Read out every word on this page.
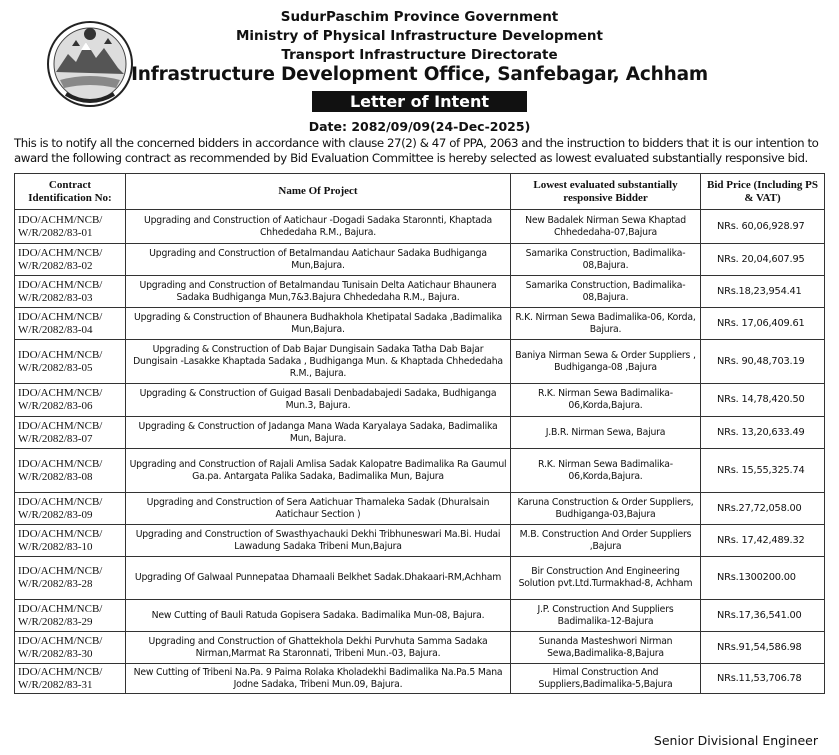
SudurPaschim Province Government
Ministry of Physical Infrastructure Development
Transport Infrastructure Directorate
Infrastructure Development Office, Sanfebagar, Achham
Letter of Intent
Date: 2082/09/09(24-Dec-2025)
This is to notify all the concerned bidders in accordance with clause 27(2) & 47 of PPA, 2063 and the instruction to bidders that it is our intention to award the following contract as recommended by Bid Evaluation Committee is hereby selected as lowest evaluated substantially responsive bid.
Contract Identification No:	Name Of Project	Lowest evaluated substantially responsive Bidder	Bid Price (Including PS & VAT)
IDO/ACHM/NCB/ W/R/2082/83-01	Upgrading and Construction of Aatichaur -Dogadi Sadaka Staronnti, Khaptada Chhededaha R.M., Bajura.	New Badalek Nirman Sewa Khaptad Chhededaha-07,Bajura	NRs. 60,06,928.97
IDO/ACHM/NCB/ W/R/2082/83-02	Upgrading and Construction of Betalmandau Aatichaur Sadaka Budhiganga Mun,Bajura.	Samarika Construction, Badimalika-08,Bajura.	NRs. 20,04,607.95
IDO/ACHM/NCB/ W/R/2082/83-03	Upgrading and Construction of Betalmandau Tunisain Delta Aatichaur Bhaunera Sadaka Budhiganga Mun,7&3.Bajura Chhededaha R.M., Bajura.	Samarika Construction, Badimalika-08,Bajura.	NRs.18,23,954.41
IDO/ACHM/NCB/ W/R/2082/83-04	Upgrading & Construction of Bhaunera Budhakhola Khetipatal Sadaka ,Badimalika Mun,Bajura.	R.K. Nirman Sewa Badimalika-06, Korda, Bajura.	NRs. 17,06,409.61
IDO/ACHM/NCB/ W/R/2082/83-05	Upgrading & Construction of Dab Bajar Dungisain Sadaka Tatha Dab Bajar Dungisain -Lasakke Khaptada Sadaka , Budhiganga Mun. & Khaptada Chhededaha R.M., Bajura.	Baniya Nirman Sewa & Order Suppliers , Budhiganga-08 ,Bajura	NRs. 90,48,703.19
IDO/ACHM/NCB/ W/R/2082/83-06	Upgrading & Construction of Guigad Basali Denbadabajedi Sadaka, Budhiganga Mun.3, Bajura.	R.K. Nirman Sewa Badimalika-06,Korda,Bajura.	NRs. 14,78,420.50
IDO/ACHM/NCB/ W/R/2082/83-07	Upgrading & Construction of Jadanga Mana Wada Karyalaya Sadaka, Badimalika Mun, Bajura.	J.B.R. Nirman Sewa, Bajura	NRs. 13,20,633.49
IDO/ACHM/NCB/ W/R/2082/83-08	Upgrading and Construction of Rajali Amlisa Sadak Kalopatre Badimalika Ra Gaumul Ga.pa. Antargata Palika Sadaka, Badimalika Mun, Bajura	R.K. Nirman Sewa Badimalika-06,Korda,Bajura.	NRs. 15,55,325.74
IDO/ACHM/NCB/ W/R/2082/83-09	Upgrading and Construction of Sera Aatichuar Thamaleka Sadak (Dhuralsain Aatichaur Section )	Karuna Construction & Order Suppliers, Budhiganga-03,Bajura	NRs.27,72,058.00
IDO/ACHM/NCB/ W/R/2082/83-10	Upgrading and Construction of Swasthyachauki Dekhi Tribhuneswari Ma.Bi. Hudai Lawadung Sadaka Tribeni Mun,Bajura	M.B. Construction And Order Suppliers ,Bajura	NRs. 17,42,489.32
IDO/ACHM/NCB/ W/R/2082/83-28	Upgrading Of Galwaal Punnepataa Dhamaali Belkhet Sadak.Dhakaari-RM,Achham	Bir Construction And Engineering Solution pvt.Ltd.Turmakhad-8, Achham	NRs.1300200.00
IDO/ACHM/NCB/ W/R/2082/83-29	New Cutting of Bauli Ratuda Gopisera Sadaka. Badimalika Mun-08, Bajura.	J.P. Construction And Suppliers Badimalika-12-Bajura	NRs.17,36,541.00
IDO/ACHM/NCB/ W/R/2082/83-30	Upgrading and Construction of Ghattekhola Dekhi Purvhuta Samma Sadaka Nirman,Marmat Ra Staronnati, Tribeni Mun.-03, Bajura.	Sunanda Masteshwori Nirman Sewa,Badimalika-8,Bajura	NRs.91,54,586.98
IDO/ACHM/NCB/ W/R/2082/83-31	New Cutting of Tribeni Na.Pa. 9 Paima Rolaka Kholadekhi Badimalika Na.Pa.5 Mana Jodne Sadaka, Tribeni Mun.09, Bajura.	Himal Construction And Suppliers,Badimalika-5,Bajura	NRs.11,53,706.78
Senior Divisional Engineer
